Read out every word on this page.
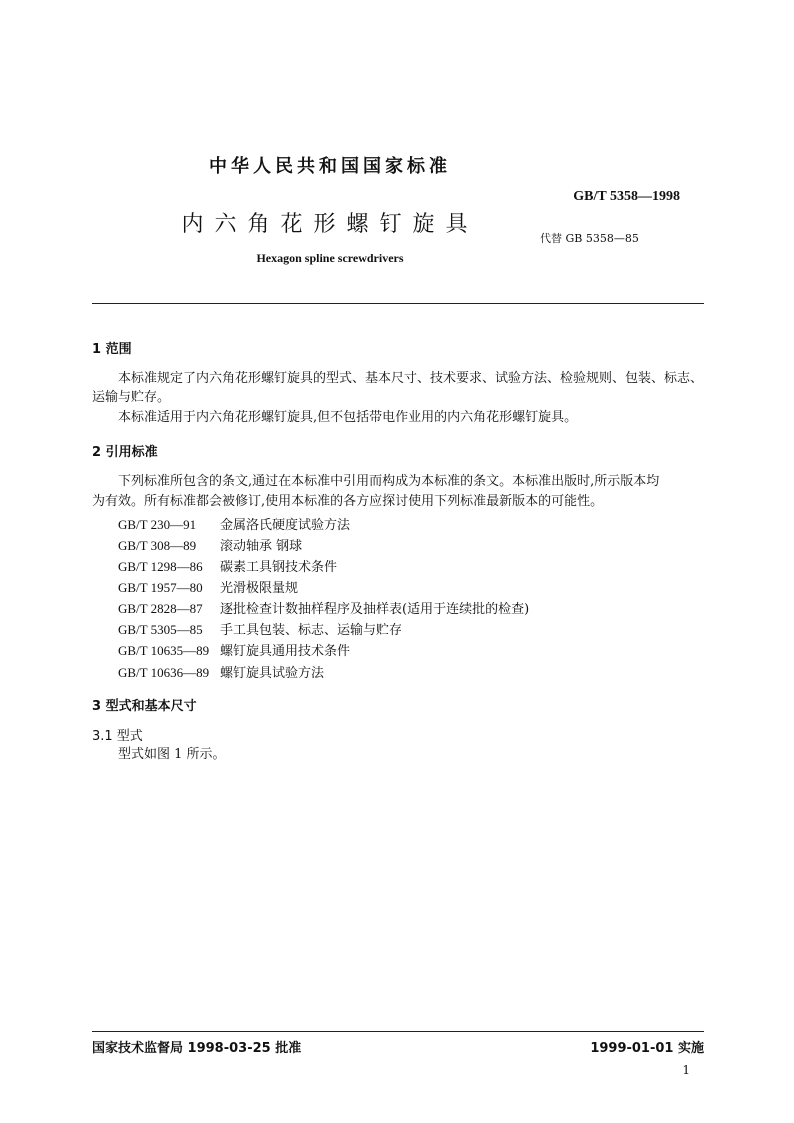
中华人民共和国国家标准
GB/T 5358—1998
内六角花形螺钉旋具
代替 GB 5358—85
Hexagon spline screwdrivers
1 范围
本标准规定了内六角花形螺钉旋具的型式、基本尺寸、技术要求、试验方法、检验规则、包装、标志、
运输与贮存。
本标准适用于内六角花形螺钉旋具,但不包括带电作业用的内六角花形螺钉旋具。
2 引用标准
下列标准所包含的条文,通过在本标准中引用而构成为本标准的条文。本标准出版时,所示版本均
为有效。所有标准都会被修订,使用本标准的各方应探讨使用下列标准最新版本的可能性。
GB/T 230—91 金属洛氏硬度试验方法
GB/T 308—89 滚动轴承 钢球
GB/T 1298—86 碳素工具钢技术条件
GB/T 1957—80 光滑极限量规
GB/T 2828—87 逐批检查计数抽样程序及抽样表(适用于连续批的检查)
GB/T 5305—85 手工具包装、标志、运输与贮存
GB/T 10635—89 螺钉旋具通用技术条件
GB/T 10636—89 螺钉旋具试验方法
3 型式和基本尺寸
3.1 型式
型式如图 1 所示。
国家技术监督局 1998-03-25 批准	1999-01-01 实施
1
